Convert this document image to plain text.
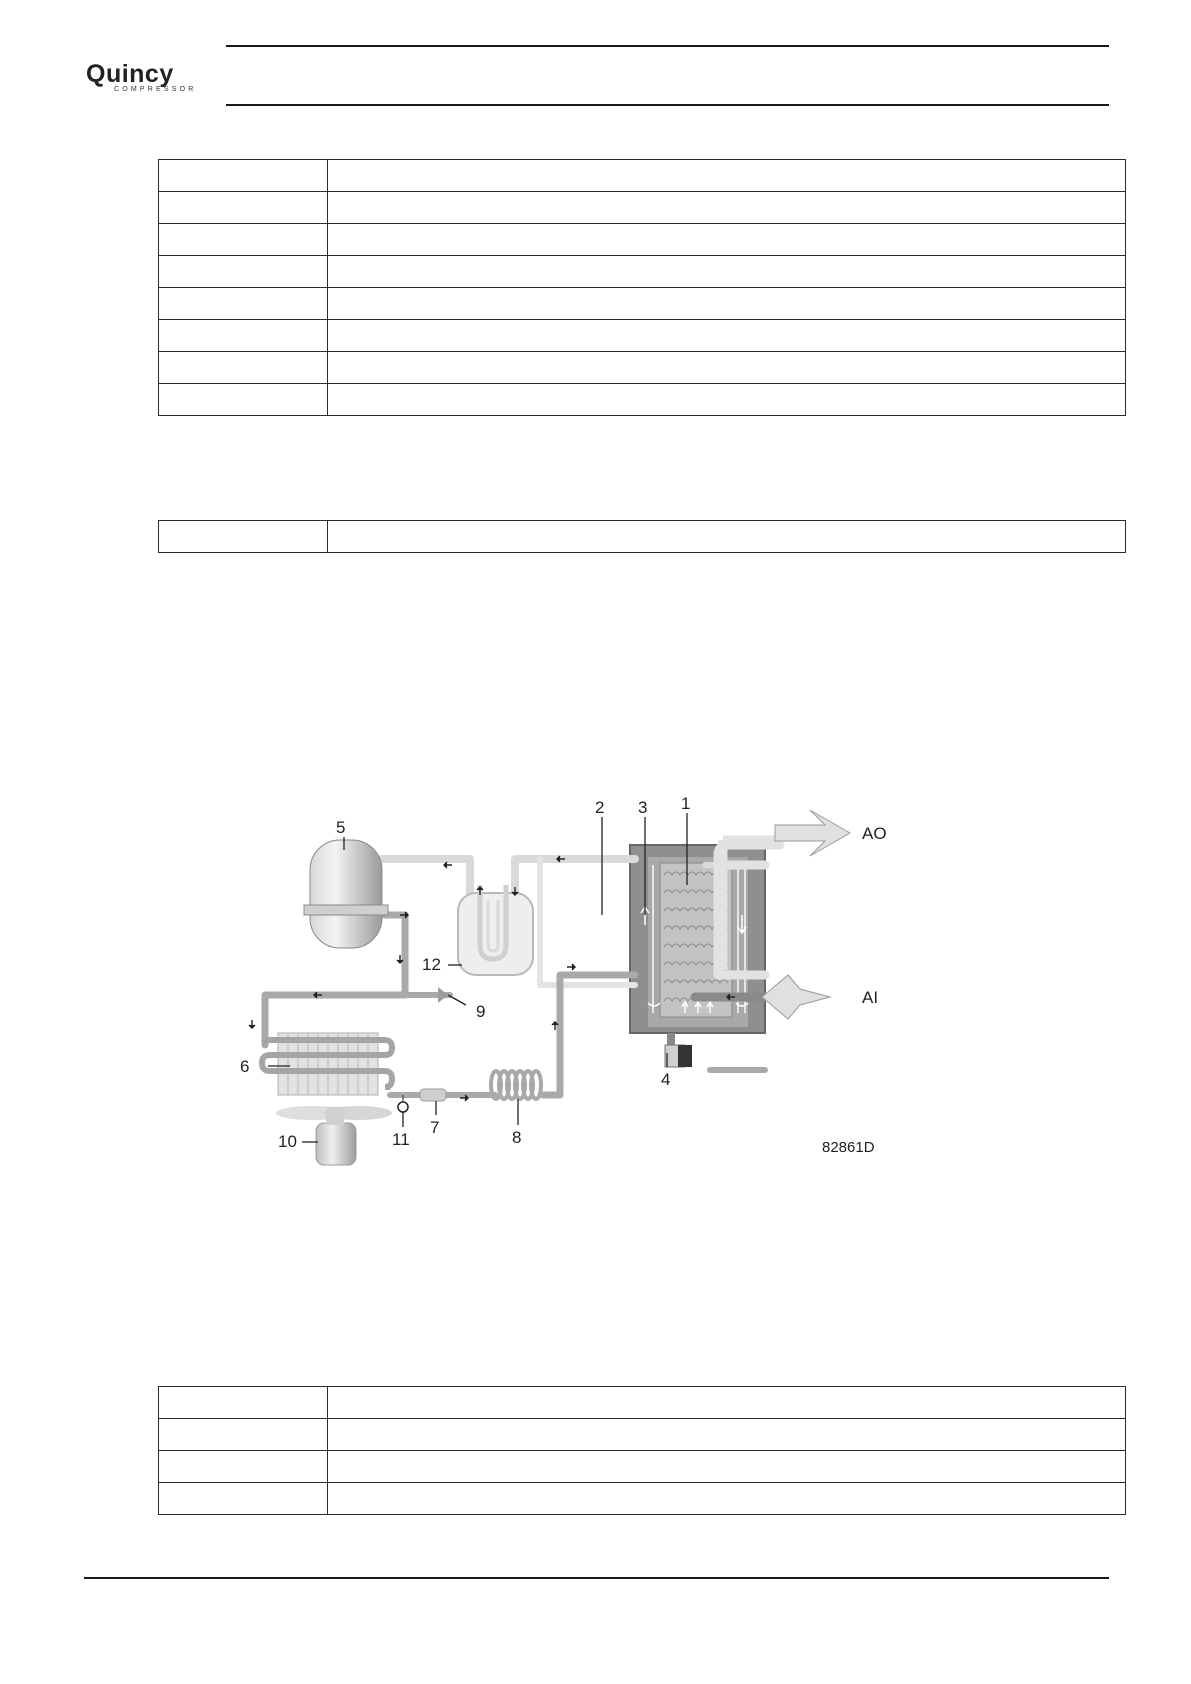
Quincy
COMPRESSOR

5
2 3 1
12
9
6
10	11
7
8
4
AO
AI
82861D
